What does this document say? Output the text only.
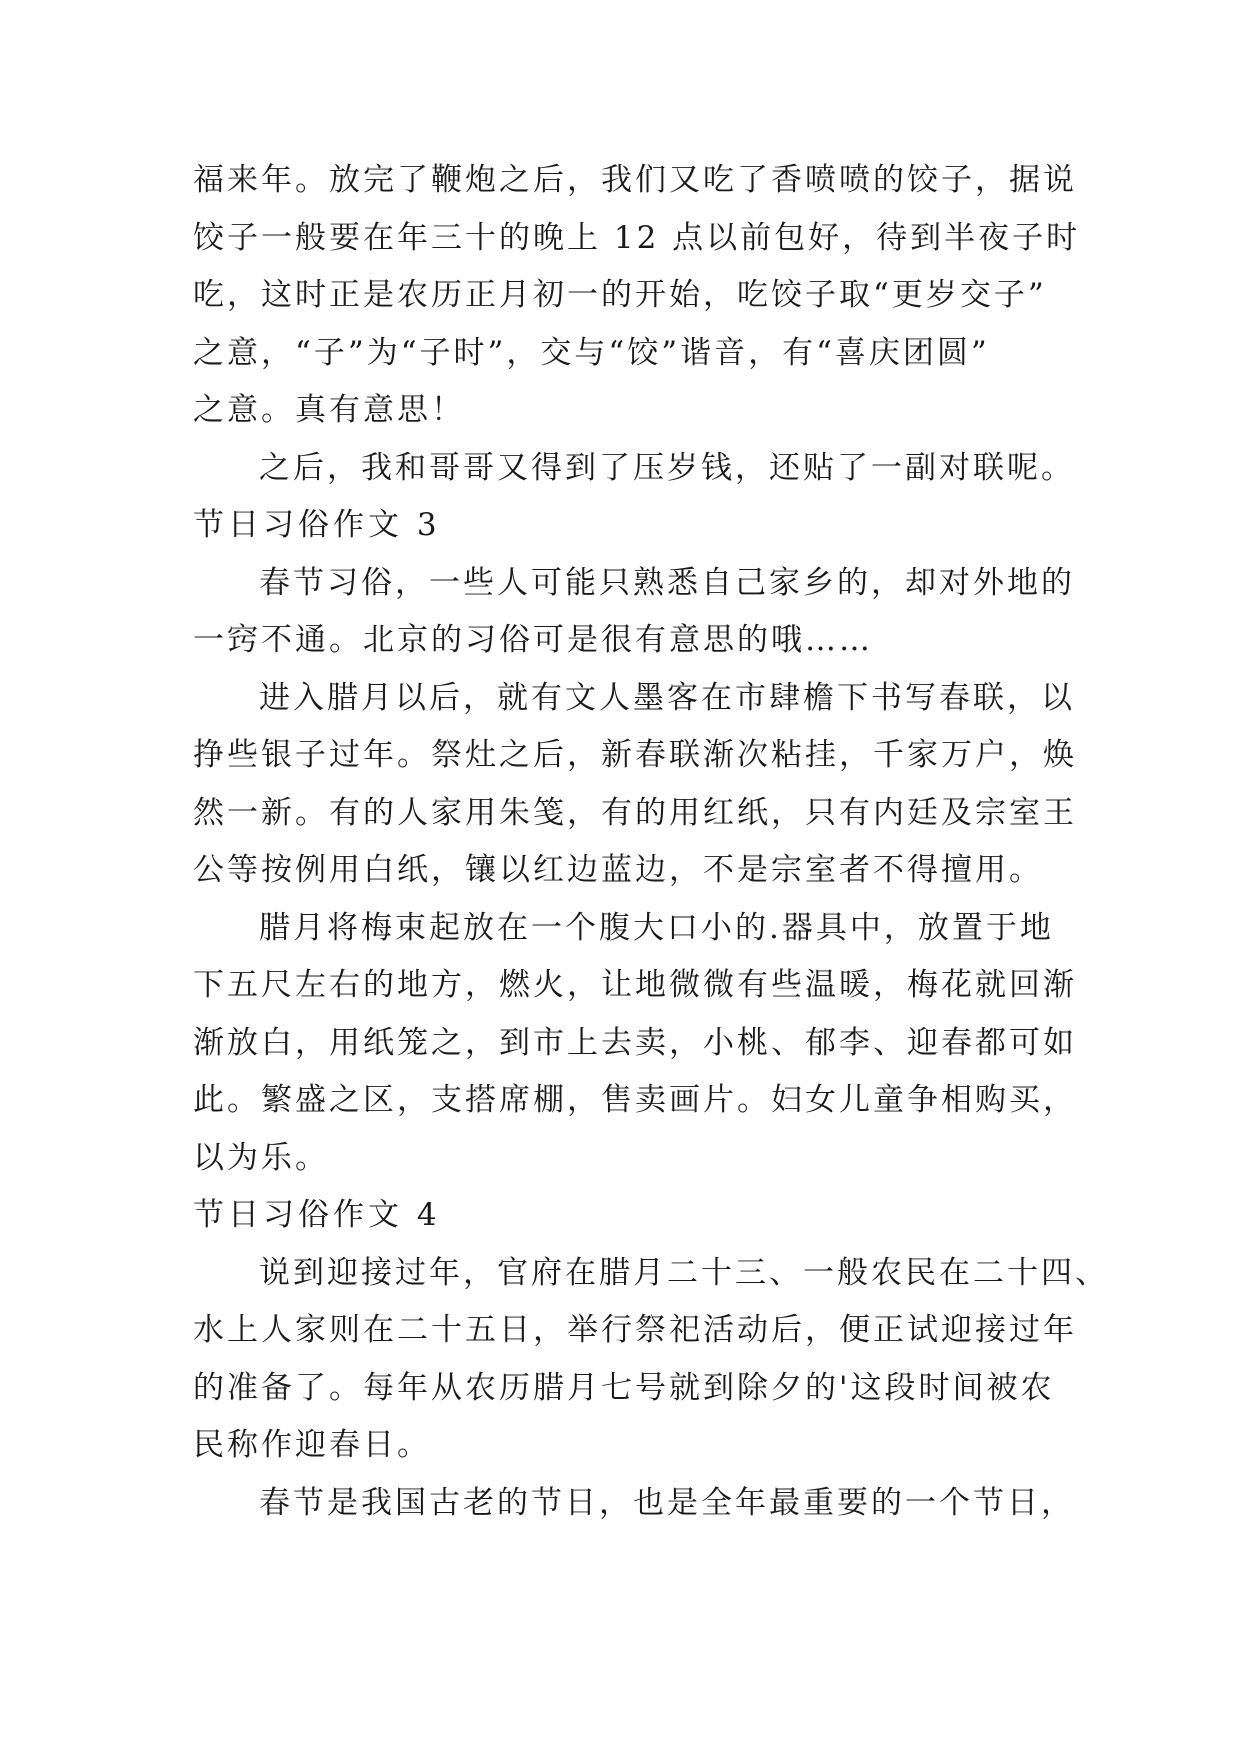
福来年。放完了鞭炮之后，我们又吃了香喷喷的饺子，据说
饺子一般要在年三十的晚上 12 点以前包好，待到半夜子时
吃，这时正是农历正月初一的开始，吃饺子取“更岁交子”
之意，“子”为“子时”，交与“饺”谐音，有“喜庆团圆”
之意。真有意思！
之后，我和哥哥又得到了压岁钱，还贴了一副对联呢。
节日习俗作文 3
春节习俗，一些人可能只熟悉自己家乡的，却对外地的
一窍不通。北京的习俗可是很有意思的哦……
进入腊月以后，就有文人墨客在市肆檐下书写春联，以
挣些银子过年。祭灶之后，新春联渐次粘挂，千家万户，焕
然一新。有的人家用朱笺，有的用红纸，只有内廷及宗室王
公等按例用白纸，镶以红边蓝边，不是宗室者不得擅用。
腊月将梅束起放在一个腹大口小的.器具中，放置于地
下五尺左右的地方，燃火，让地微微有些温暖，梅花就回渐
渐放白，用纸笼之，到市上去卖，小桃、郁李、迎春都可如
此。繁盛之区，支搭席棚，售卖画片。妇女儿童争相购买，
以为乐。
节日习俗作文 4
说到迎接过年，官府在腊月二十三、一般农民在二十四、
水上人家则在二十五日，举行祭祀活动后，便正试迎接过年
的准备了。每年从农历腊月七号就到除夕的'这段时间被农
民称作迎春日。
春节是我国古老的节日，也是全年最重要的一个节日，
